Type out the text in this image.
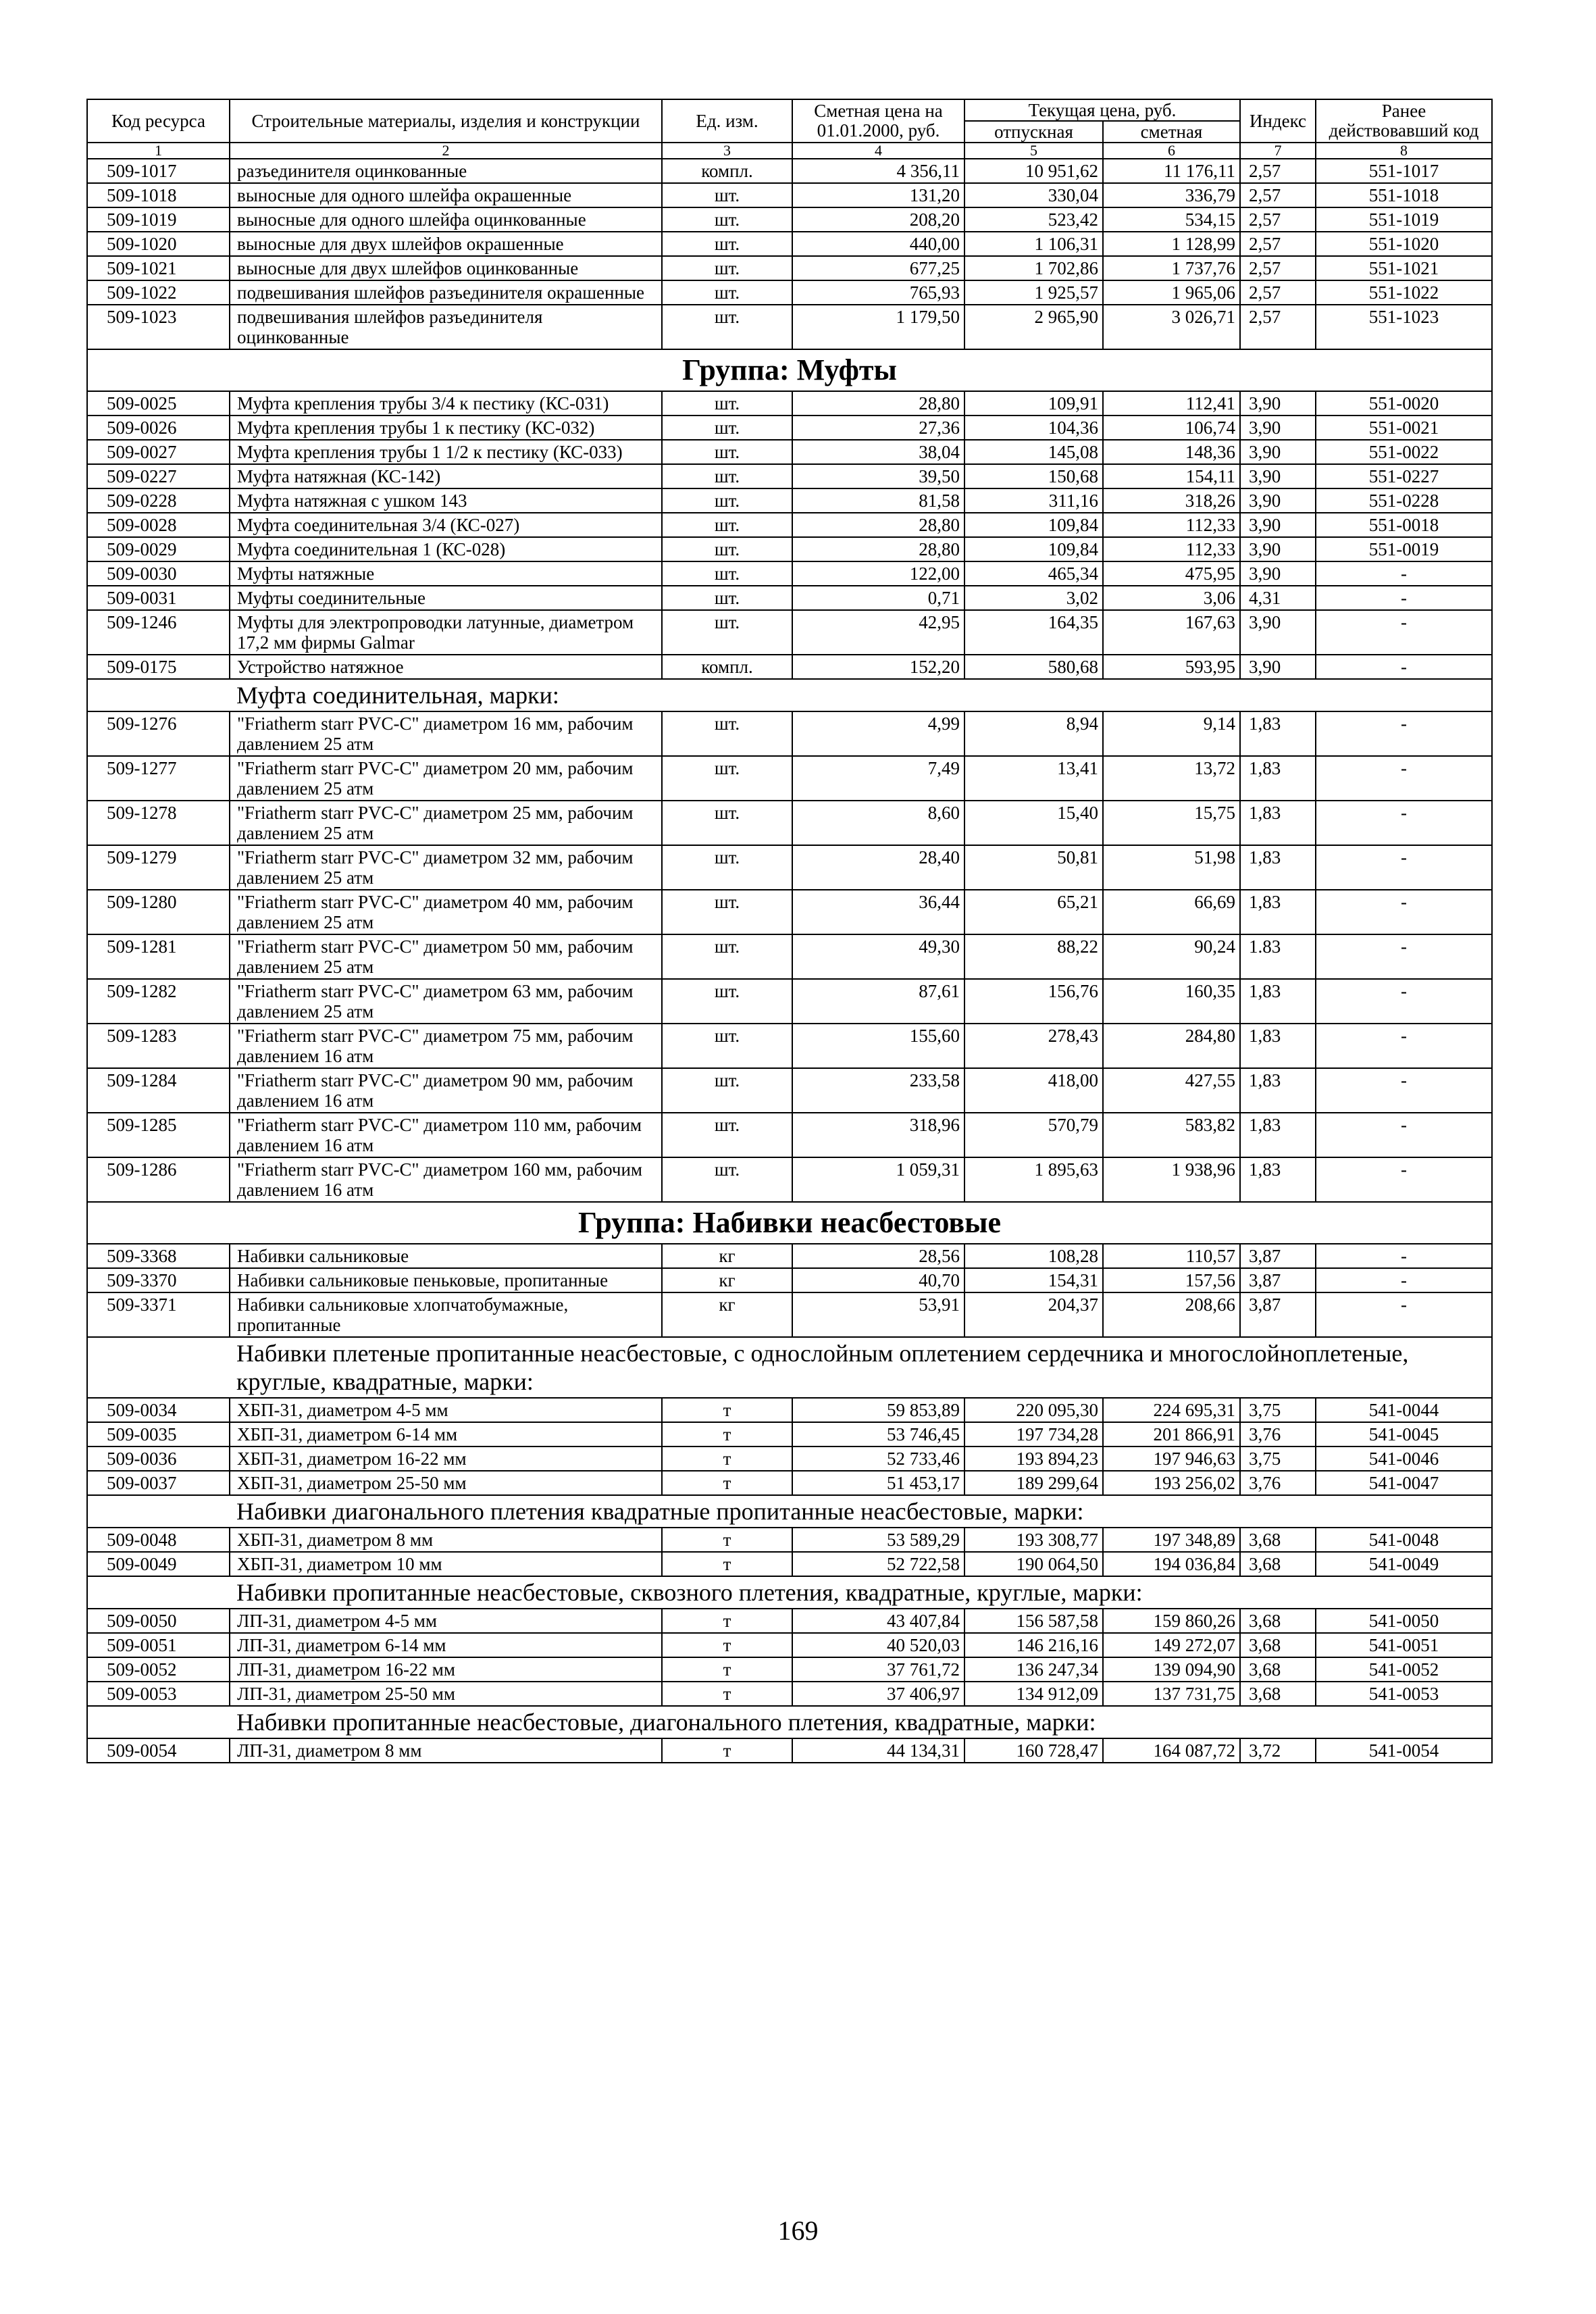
Код ресурса	Строительные материалы, изделия и конструкции	Ед. изм.	Сметная цена на 01.01.2000, руб.	Текущая цена, руб.		Индекс	Ранее действовавший код
				отпускная	сметная		
1	2	3	4	5	6	7	8
509-1017	разъединителя оцинкованные	компл.	4 356,11	10 951,62	11 176,11	2,57	551-1017
509-1018	выносные для одного шлейфа окрашенные	шт.	131,20	330,04	336,79	2,57	551-1018
509-1019	выносные для одного шлейфа оцинкованные	шт.	208,20	523,42	534,15	2,57	551-1019
509-1020	выносные для двух шлейфов окрашенные	шт.	440,00	1 106,31	1 128,99	2,57	551-1020
509-1021	выносные для двух шлейфов оцинкованные	шт.	677,25	1 702,86	1 737,76	2,57	551-1021
509-1022	подвешивания шлейфов разъединителя окрашенные	шт.	765,93	1 925,57	1 965,06	2,57	551-1022
509-1023	подвешивания шлейфов разъединителя оцинкованные	шт.	1 179,50	2 965,90	3 026,71	2,57	551-1023
Группа: Муфты							
509-0025	Муфта крепления трубы 3/4 к пестику (КС-031)	шт.	28,80	109,91	112,41	3,90	551-0020
509-0026	Муфта крепления трубы 1 к пестику (КС-032)	шт.	27,36	104,36	106,74	3,90	551-0021
509-0027	Муфта крепления трубы 1 1/2 к пестику (КС-033)	шт.	38,04	145,08	148,36	3,90	551-0022
509-0227	Муфта натяжная (КС-142)	шт.	39,50	150,68	154,11	3,90	551-0227
509-0228	Муфта натяжная с ушком 143	шт.	81,58	311,16	318,26	3,90	551-0228
509-0028	Муфта соединительная 3/4 (КС-027)	шт.	28,80	109,84	112,33	3,90	551-0018
509-0029	Муфта соединительная 1 (КС-028)	шт.	28,80	109,84	112,33	3,90	551-0019
509-0030	Муфты натяжные	шт.	122,00	465,34	475,95	3,90	-
509-0031	Муфты соединительные	шт.	0,71	3,02	3,06	4,31	-
509-1246	Муфты для электропроводки латунные, диаметром 17,2 мм фирмы Galmar	шт.	42,95	164,35	167,63	3,90	-
509-0175	Устройство натяжное	компл.	152,20	580,68	593,95	3,90	-
Муфта соединительная, марки:							
509-1276	"Friatherm starr PVC-C" диаметром 16 мм, рабочим давлением 25 атм	шт.	4,99	8,94	9,14	1,83	-
509-1277	"Friatherm starr PVC-C" диаметром 20 мм, рабочим давлением 25 атм	шт.	7,49	13,41	13,72	1,83	-
509-1278	"Friatherm starr PVC-C" диаметром 25 мм, рабочим давлением 25 атм	шт.	8,60	15,40	15,75	1,83	-
509-1279	"Friatherm starr PVC-C" диаметром 32 мм, рабочим давлением 25 атм	шт.	28,40	50,81	51,98	1,83	-
509-1280	"Friatherm starr PVC-C" диаметром 40 мм, рабочим давлением 25 атм	шт.	36,44	65,21	66,69	1,83	-
509-1281	"Friatherm starr PVC-C" диаметром 50 мм, рабочим давлением 25 атм	шт.	49,30	88,22	90,24	1.83	-
509-1282	"Friatherm starr PVC-C" диаметром 63 мм, рабочим давлением 25 атм	шт.	87,61	156,76	160,35	1,83	-
509-1283	"Friatherm starr PVC-C" диаметром 75 мм, рабочим давлением 16 атм	шт.	155,60	278,43	284,80	1,83	-
509-1284	"Friatherm starr PVC-C" диаметром 90 мм, рабочим давлением 16 атм	шт.	233,58	418,00	427,55	1,83	-
509-1285	"Friatherm starr PVC-C" диаметром 110 мм, рабочим давлением 16 атм	шт.	318,96	570,79	583,82	1,83	-
509-1286	"Friatherm starr PVC-C" диаметром 160 мм, рабочим давлением 16 атм	шт.	1 059,31	1 895,63	1 938,96	1,83	-
Группа: Набивки неасбестовые							
509-3368	Набивки сальниковые	кг	28,56	108,28	110,57	3,87	-
509-3370	Набивки сальниковые пеньковые, пропитанные	кг	40,70	154,31	157,56	3,87	-
509-3371	Набивки сальниковые хлопчатобумажные, пропитанные	кг	53,91	204,37	208,66	3,87	-
Набивки плетеные пропитанные неасбестовые, с однослойным оплетением сердечника и многослойноплетеные, круглые, квадратные, марки:							
509-0034	ХБП-31, диаметром 4-5 мм	т	59 853,89	220 095,30	224 695,31	3,75	541-0044
509-0035	ХБП-31, диаметром 6-14 мм	т	53 746,45	197 734,28	201 866,91	3,76	541-0045
509-0036	ХБП-31, диаметром 16-22 мм	т	52 733,46	193 894,23	197 946,63	3,75	541-0046
509-0037	ХБП-31, диаметром 25-50 мм	т	51 453,17	189 299,64	193 256,02	3,76	541-0047
Набивки диагонального плетения квадратные пропитанные неасбестовые, марки:							
509-0048	ХБП-31, диаметром 8 мм	т	53 589,29	193 308,77	197 348,89	3,68	541-0048
509-0049	ХБП-31, диаметром 10 мм	т	52 722,58	190 064,50	194 036,84	3,68	541-0049
Набивки пропитанные неасбестовые, сквозного плетения, квадратные, круглые, марки:							
509-0050	ЛП-31, диаметром 4-5 мм	т	43 407,84	156 587,58	159 860,26	3,68	541-0050
509-0051	ЛП-31, диаметром 6-14 мм	т	40 520,03	146 216,16	149 272,07	3,68	541-0051
509-0052	ЛП-31, диаметром 16-22 мм	т	37 761,72	136 247,34	139 094,90	3,68	541-0052
509-0053	ЛП-31, диаметром 25-50 мм	т	37 406,97	134 912,09	137 731,75	3,68	541-0053
Набивки пропитанные неасбестовые, диагонального плетения, квадратные, марки:							
509-0054	ЛП-31, диаметром 8 мм	т	44 134,31	160 728,47	164 087,72	3,72	541-0054
169
